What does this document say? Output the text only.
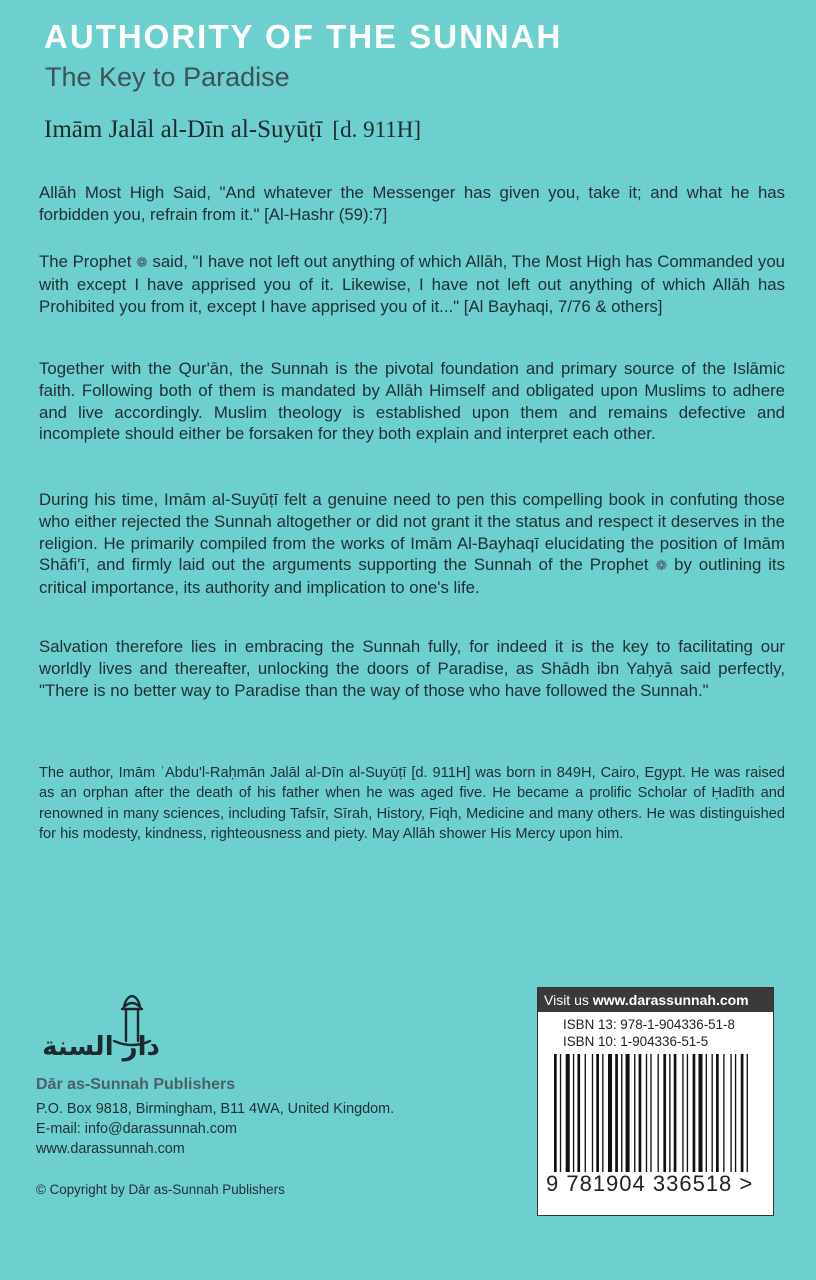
AUTHORITY OF THE SUNNAH
The Key to Paradise
Imām Jalāl al-Dīn al-Suyūṭī [d. 911H]

Allāh Most High Said, "And whatever the Messenger has given you, take it; and what he has forbidden you, refrain from it." [Al-Hashr (59):7]

The Prophet ❁ said, "I have not left out anything of which Allāh, The Most High has Commanded you with except I have apprised you of it. Likewise, I have not left out anything of which Allāh has Prohibited you from it, except I have apprised you of it..." [Al Bayhaqi, 7/76 & others]

Together with the Qur'ān, the Sunnah is the pivotal foundation and primary source of the Islāmic faith. Following both of them is mandated by Allāh Himself and obligated upon Muslims to adhere and live accordingly. Muslim theology is established upon them and remains defective and incomplete should either be forsaken for they both explain and interpret each other.

During his time, Imām al-Suyūṭī felt a genuine need to pen this compelling book in confuting those who either rejected the Sunnah altogether or did not grant it the status and respect it deserves in the religion. He primarily compiled from the works of Imām Al-Bayhaqī elucidating the position of Imām Shāfi'ī, and firmly laid out the arguments supporting the Sunnah of the Prophet ❁ by outlining its critical importance, its authority and implication to one's life.

Salvation therefore lies in embracing the Sunnah fully, for indeed it is the key to facilitating our worldly lives and thereafter, unlocking the doors of Paradise, as Shādh ibn Yaḥyā said perfectly, "There is no better way to Paradise than the way of those who have followed the Sunnah."

The author, Imām ʿAbdu'l-Raḥmān Jalāl al-Dīn al-Suyūṭī [d. 911H] was born in 849H, Cairo, Egypt. He was raised as an orphan after the death of his father when he was aged five. He became a prolific Scholar of Ḥadīth and renowned in many sciences, including Tafsīr, Sīrah, History, Fiqh, Medicine and many others. He was distinguished for his modesty, kindness, righteousness and piety. May Allāh shower His Mercy upon him.

دار السنة
Dār as-Sunnah Publishers
P.O. Box 9818, Birmingham, B11 4WA, United Kingdom.
E-mail: info@darassunnah.com
www.darassunnah.com
© Copyright by Dār as-Sunnah Publishers
Visit us www.darassunnah.com
ISBN 13: 978-1-904336-51-8
ISBN 10: 1-904336-51-5
9 781904 336518 >
